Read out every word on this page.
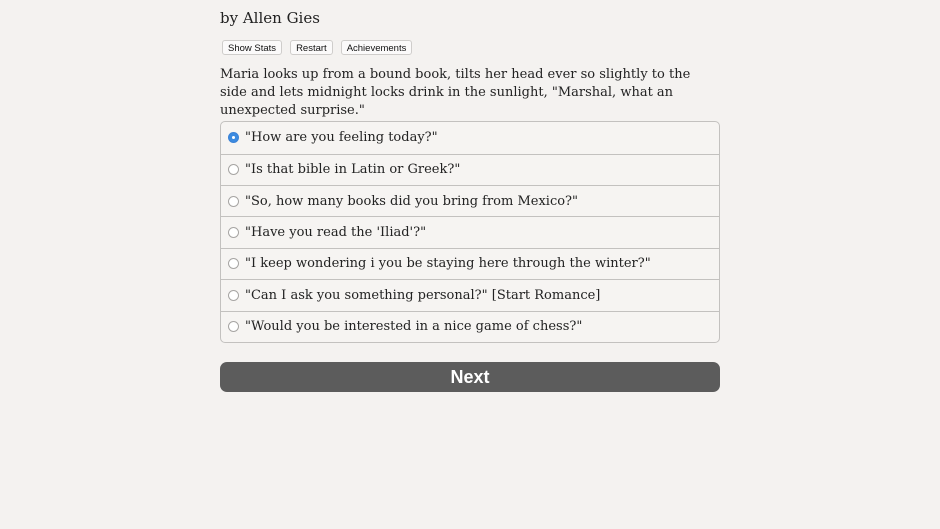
by Allen Gies
Show Stats	Restart	Achievements
Maria looks up from a bound book, tilts her head ever so slightly to the side and lets midnight locks drink in the sunlight, "Marshal, what an unexpected surprise."
"How are you feeling today?"
"Is that bible in Latin or Greek?"
"So, how many books did you bring from Mexico?"
"Have you read the 'Iliad'?"
"I keep wondering i you be staying here through the winter?"
"Can I ask you something personal?" [Start Romance]
"Would you be interested in a nice game of chess?"
Next
